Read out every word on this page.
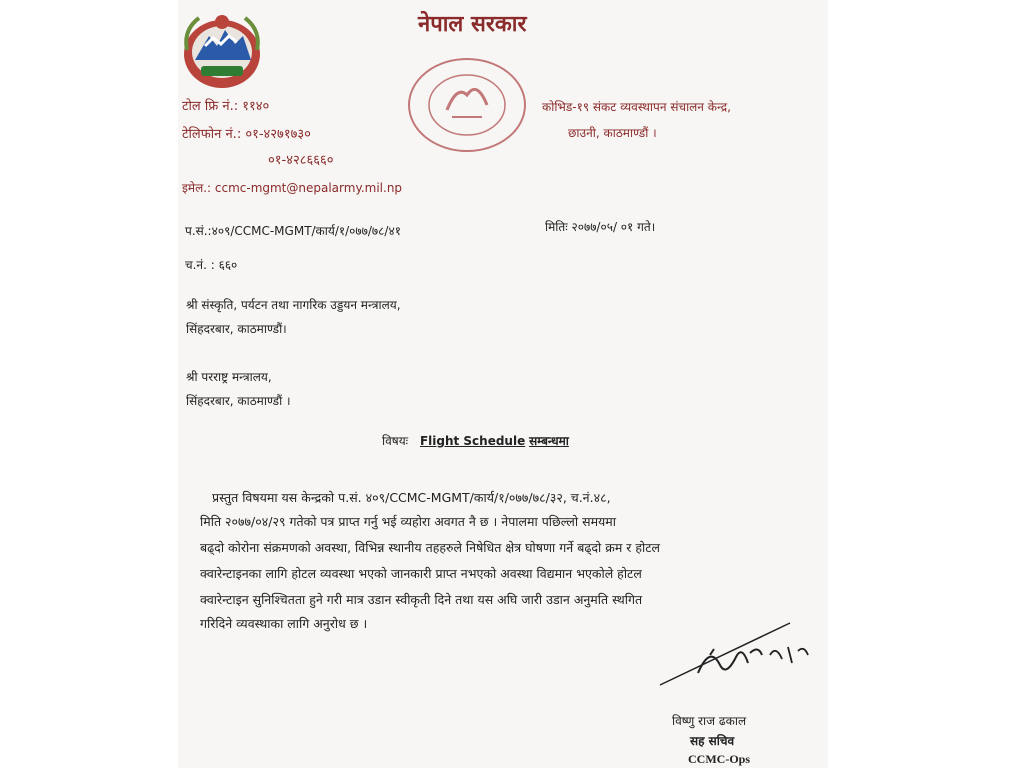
नेपाल सरकार
कोभिड-१९ संकट व्यवस्थापन संचालन केन्द्र,
छाउनी, काठमाण्डौं ।
टोल फ्रि नं.: ११४०
टेलिफोन नं.: ०१-४२७१७३०
०१-४२८६६६०
इमेल.: ccmc-mgmt@nepalarmy.mil.np
प.सं.:४०९/CCMC-MGMT/कार्य/१/०७७/७८/४१	मितिः २०७७/०५/ ०१ गते।
च.नं. : ६६०
श्री संस्कृति, पर्यटन तथा नागरिक उड्डयन मन्त्रालय,
सिंहदरबार, काठमाण्डौं।
श्री परराष्ट्र मन्त्रालय,
सिंहदरबार, काठमाण्डौं ।
विषयः Flight Schedule सम्बन्धमा
प्रस्तुत विषयमा यस केन्द्रको प.सं. ४०९/CCMC-MGMT/कार्य/१/०७७/७८/३२, च.नं.४८,
मिति २०७७/०४/२९ गतेको पत्र प्राप्त गर्नु भई व्यहोरा अवगत नै छ । नेपालमा पछिल्लो समयमा
बढ्दो कोरोना संक्रमणको अवस्था, विभिन्न स्थानीय तहहरुले निषेधित क्षेत्र घोषणा गर्ने बढ्दो क्रम र होटल
क्वारेन्टाइनका लागि होटल व्यवस्था भएको जानकारी प्राप्त नभएको अवस्था विद्यमान भएकोले होटल
क्वारेन्टाइन सुनिश्चितता हुने गरी मात्र उडान स्वीकृती दिने तथा यस अघि जारी उडान अनुमति स्थगित
गरिदिने व्यवस्थाका लागि अनुरोध छ ।
विष्णु राज ढकाल
सह सचिव
CCMC-Ops
